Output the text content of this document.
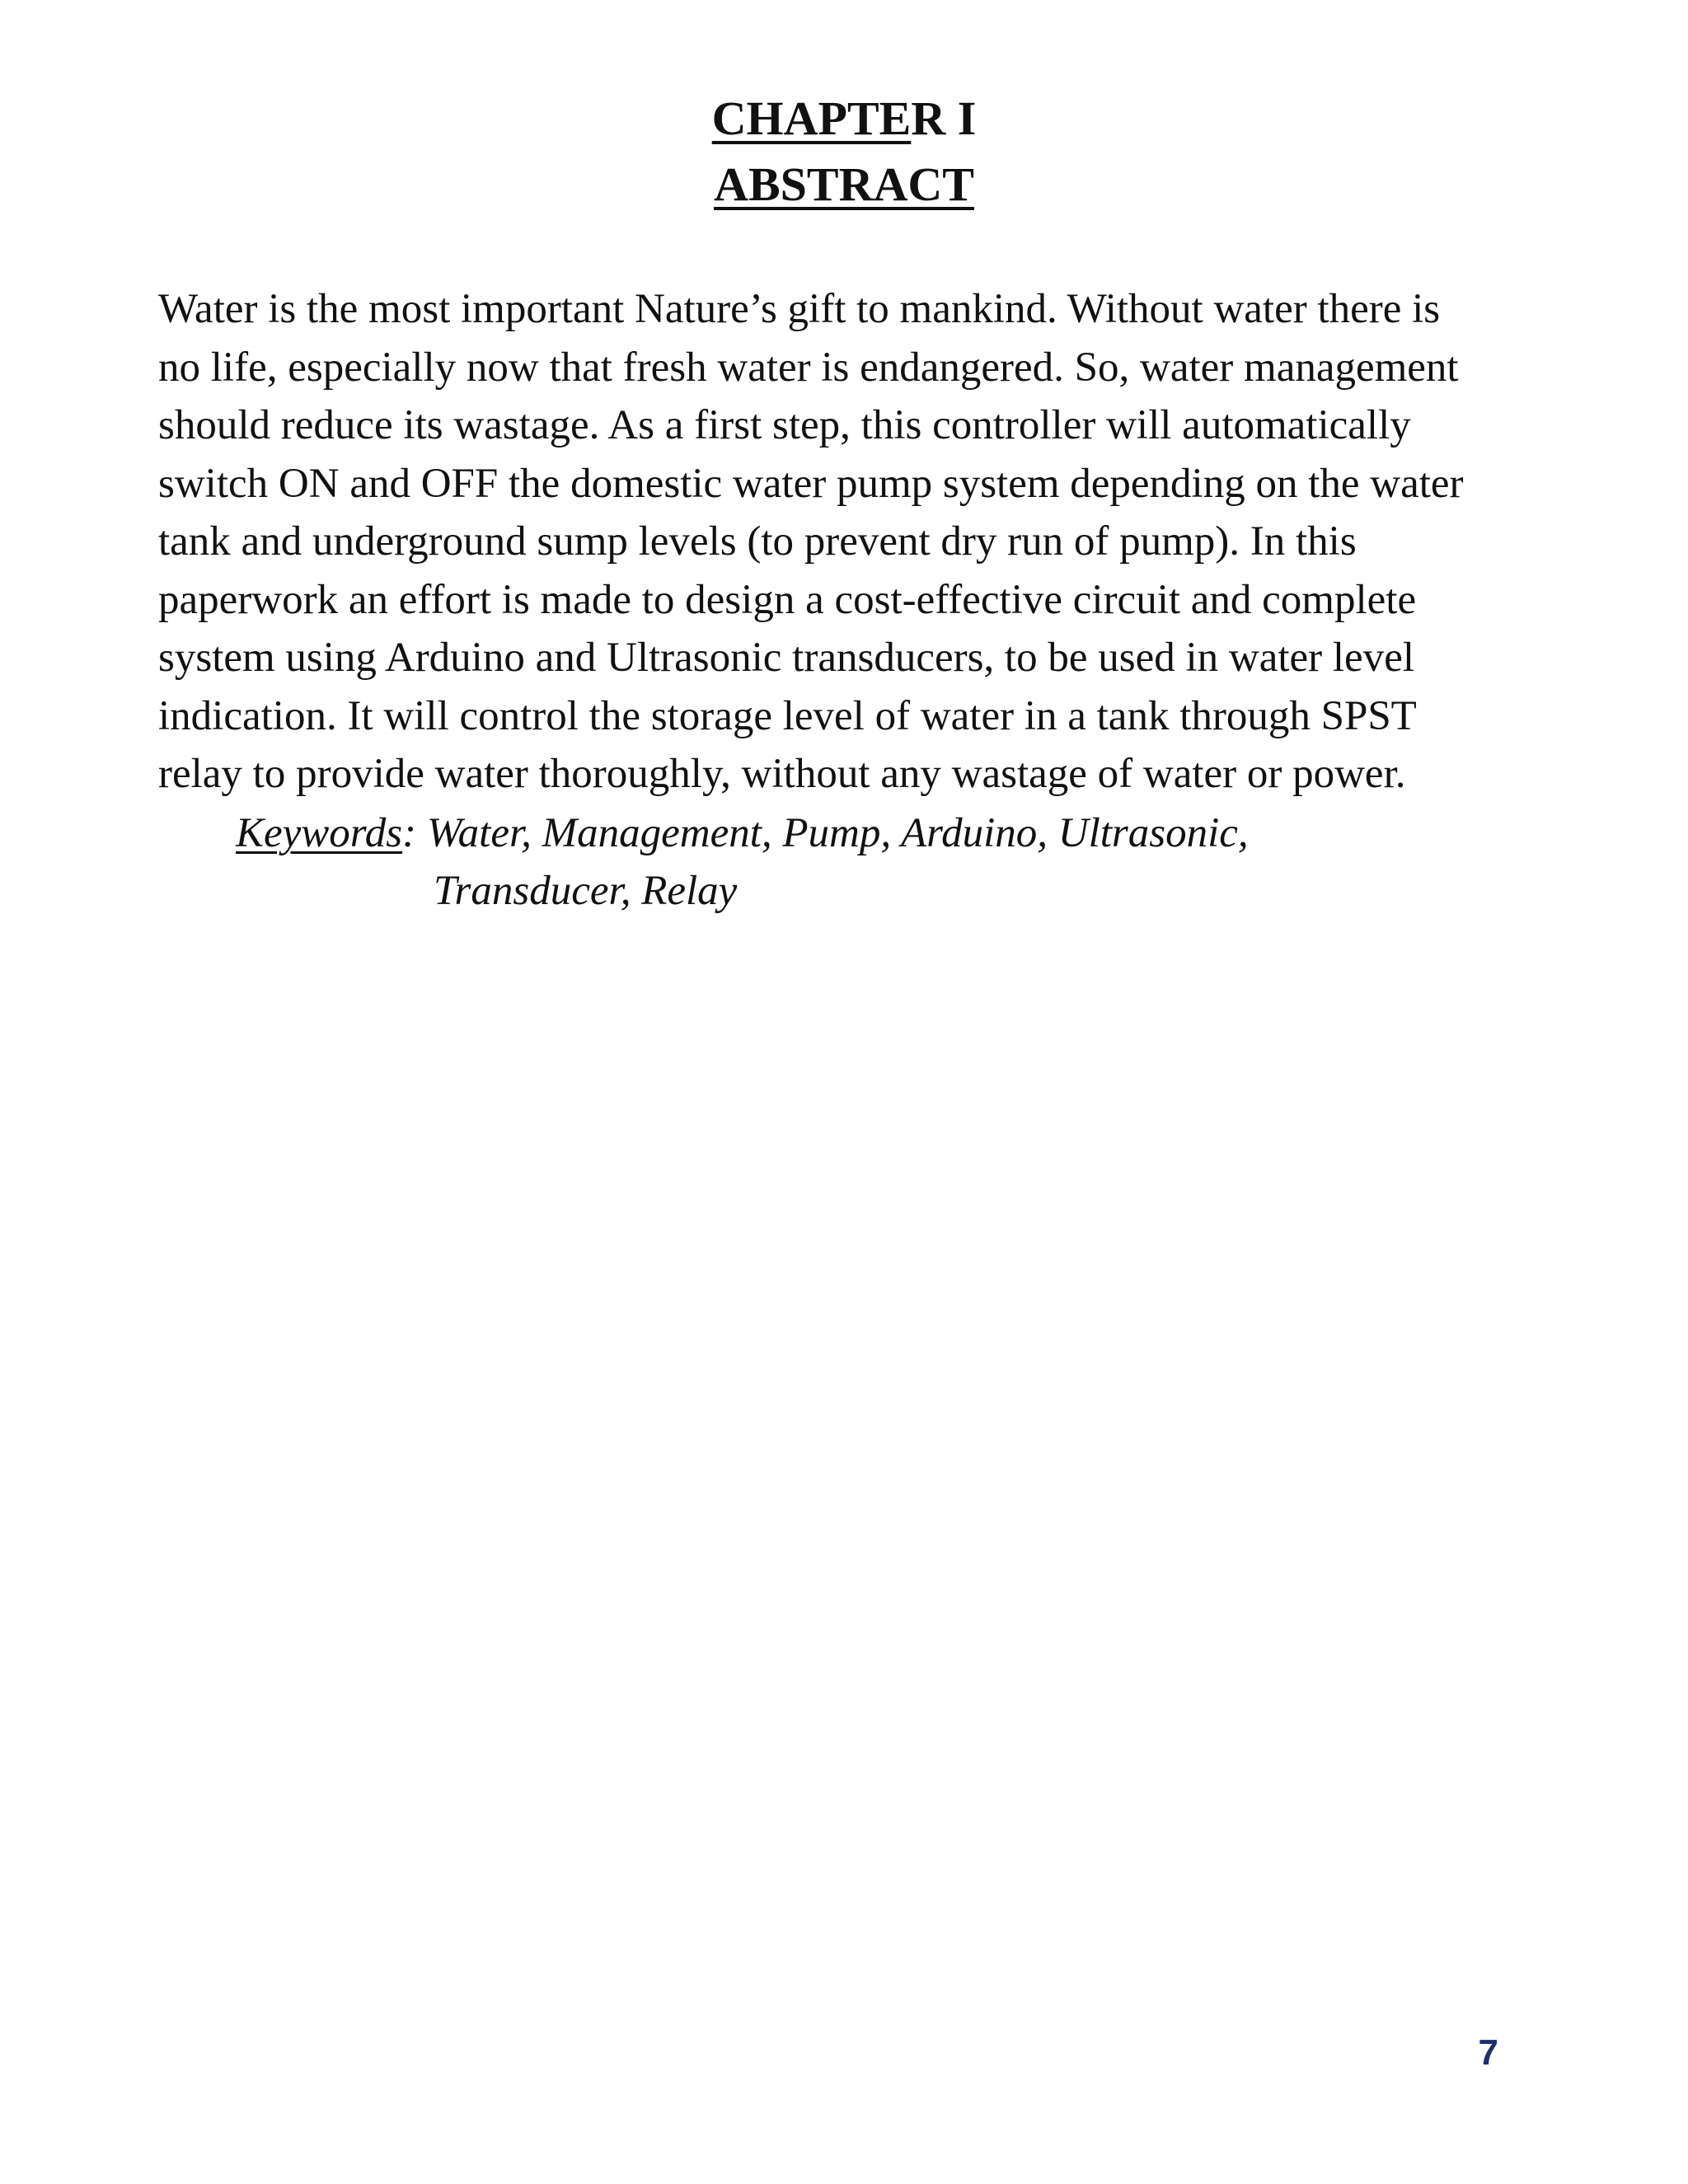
CHAPTER I
ABSTRACT
Water is the most important Nature’s gift to mankind. Without water there is
no life, especially now that fresh water is endangered. So, water management
should reduce its wastage. As a first step, this controller will automatically
switch ON and OFF the domestic water pump system depending on the water
tank and underground sump levels (to prevent dry run of pump). In this
paperwork an effort is made to design a cost-effective circuit and complete
system using Arduino and Ultrasonic transducers, to be used in water level
indication. It will control the storage level of water in a tank through SPST
relay to provide water thoroughly, without any wastage of water or power.
Keywords: Water, Management, Pump, Arduino, Ultrasonic,
Transducer, Relay
7
